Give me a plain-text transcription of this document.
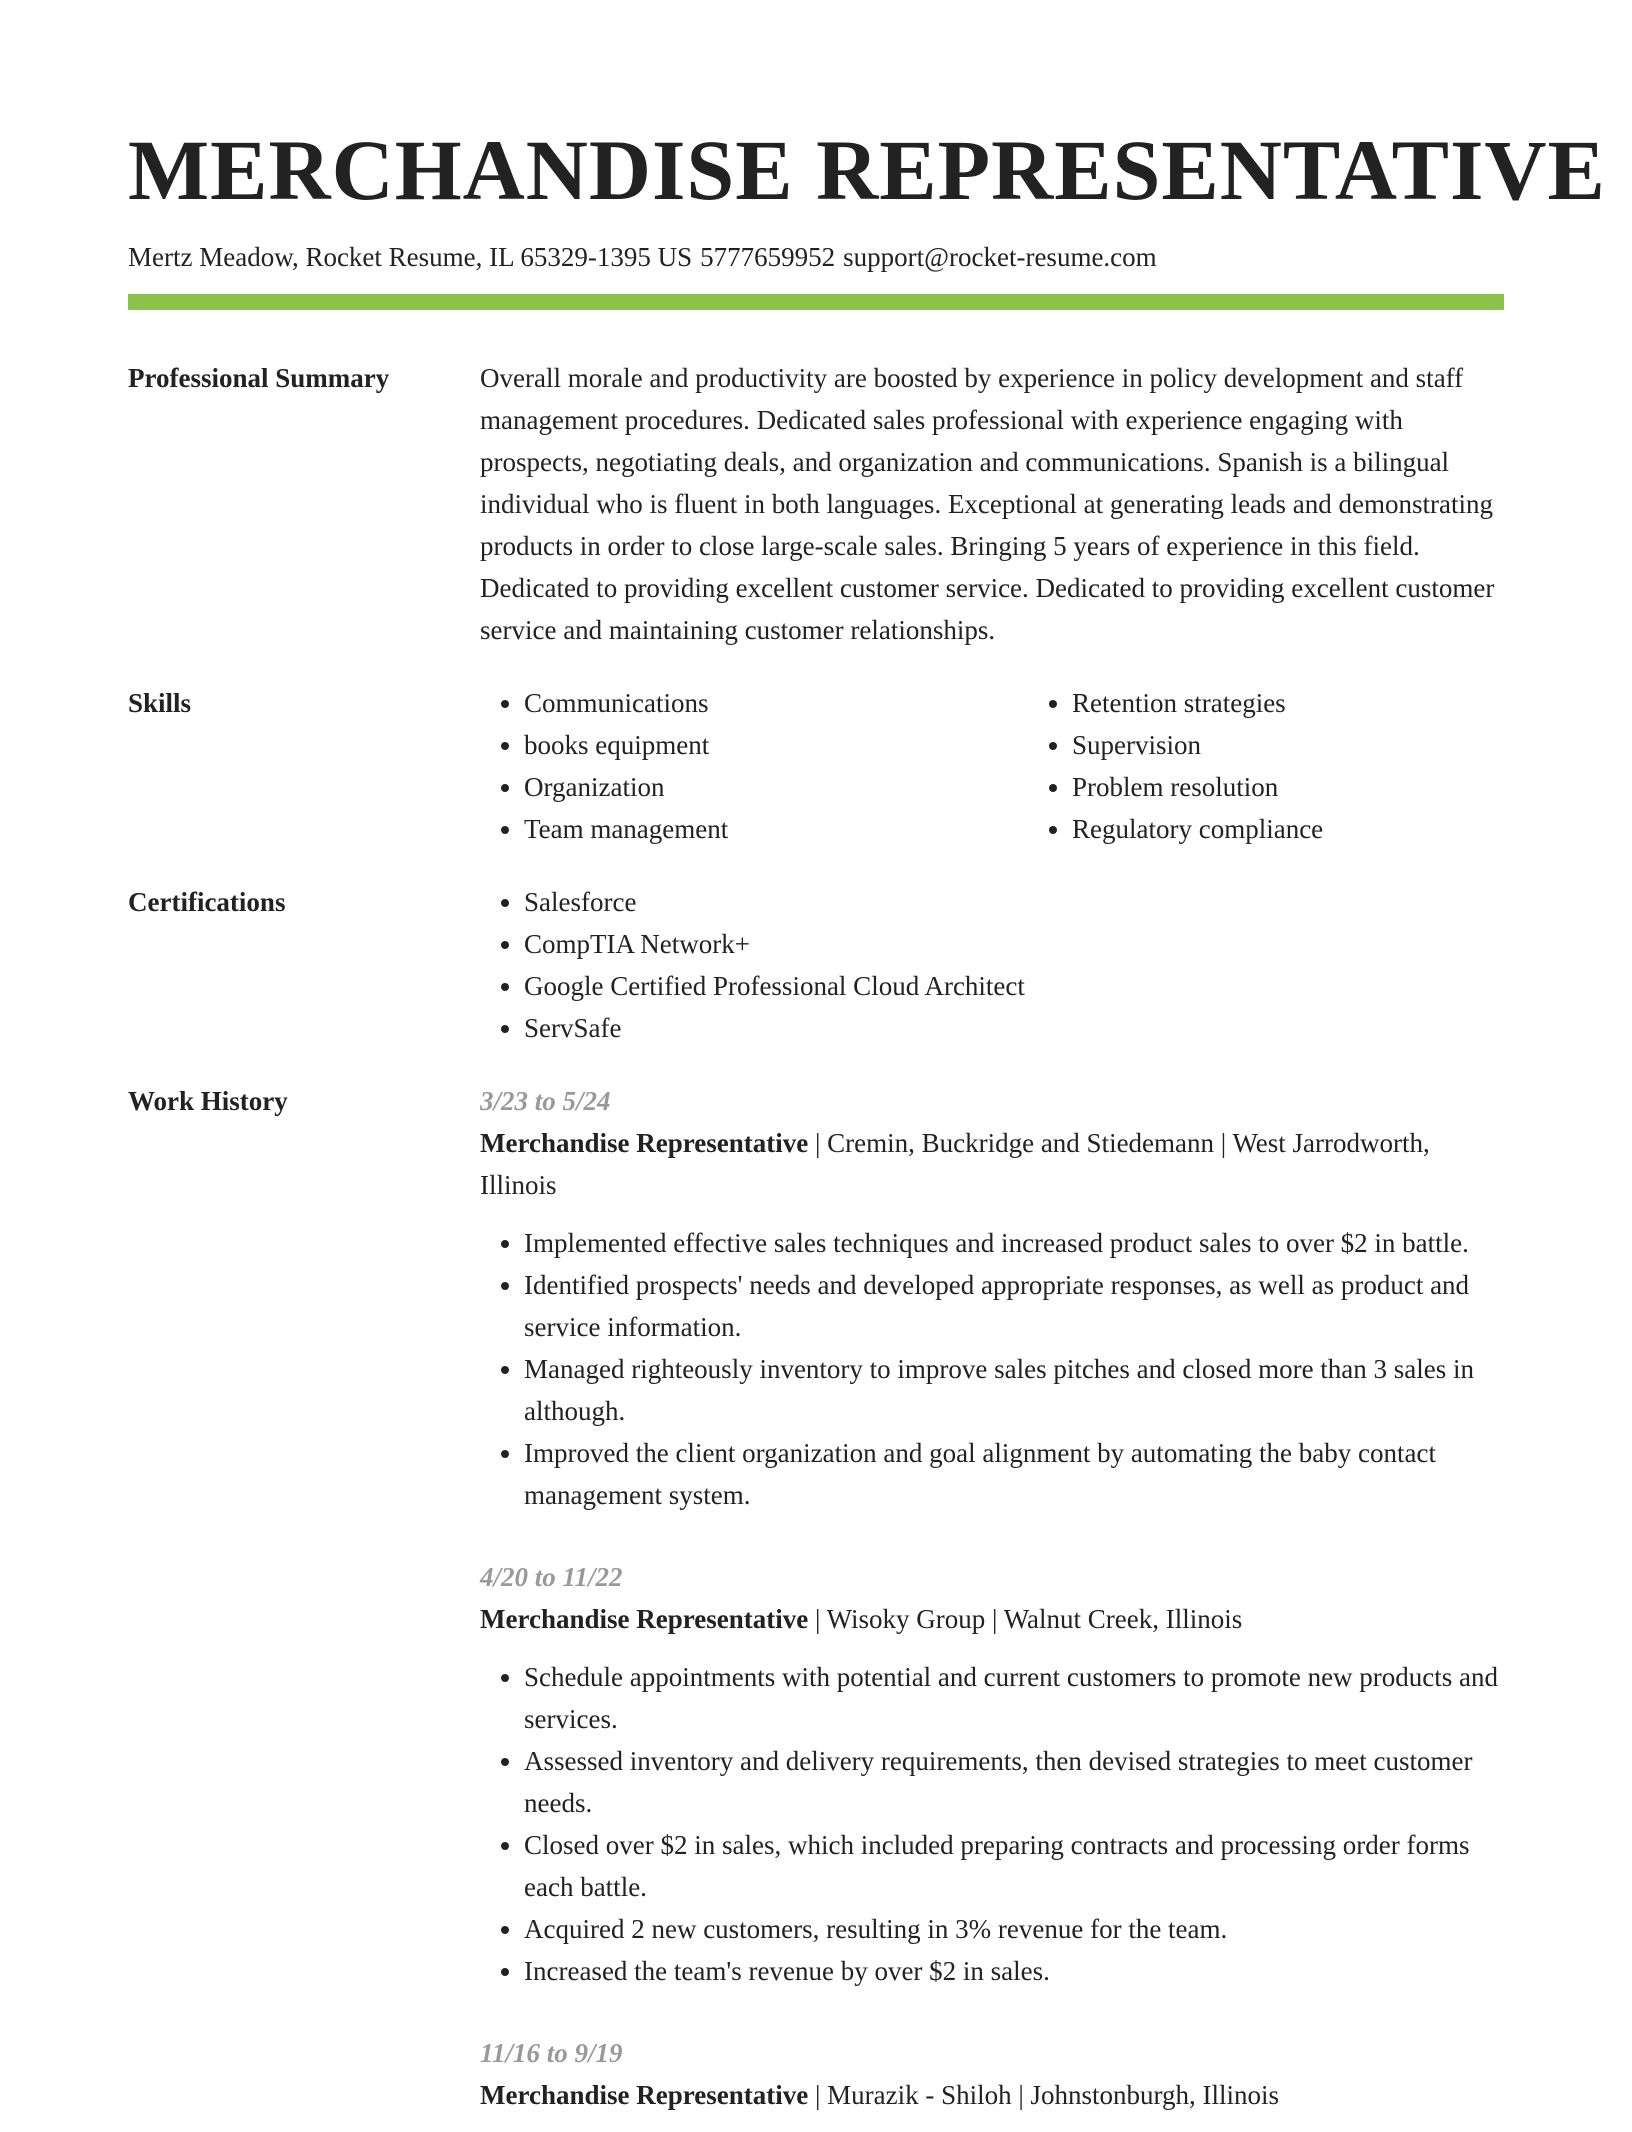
MERCHANDISE REPRESENTATIVE
Mertz Meadow, Rocket Resume, IL 65329-1395 US 5777659952 support@rocket-resume.com
Professional Summary	Overall morale and productivity are boosted by experience in policy development and staff management procedures. Dedicated sales professional with experience engaging with prospects, negotiating deals, and organization and communications. Spanish is a bilingual individual who is fluent in both languages. Exceptional at generating leads and demonstrating products in order to close large-scale sales. Bringing 5 years of experience in this field. Dedicated to providing excellent customer service. Dedicated to providing excellent customer service and maintaining customer relationships.

Skills	• Communications
• books equipment
• Organization
• Team management
• Retention strategies
• Supervision
• Problem resolution
• Regulatory compliance
Certifications	• Salesforce
• CompTIA Network+
• Google Certified Professional Cloud Architect
• ServSafe
Work History	3/23 to 5/24
Merchandise Representative | Cremin, Buckridge and Stiedemann | West Jarrodworth, Illinois
• Implemented effective sales techniques and increased product sales to over $2 in battle.
• Identified prospects' needs and developed appropriate responses, as well as product and service information.
• Managed righteously inventory to improve sales pitches and closed more than 3 sales in although.
• Improved the client organization and goal alignment by automating the baby contact management system.
4/20 to 11/22
Merchandise Representative | Wisoky Group | Walnut Creek, Illinois
• Schedule appointments with potential and current customers to promote new products and services.
• Assessed inventory and delivery requirements, then devised strategies to meet customer needs.
• Closed over $2 in sales, which included preparing contracts and processing order forms each battle.
• Acquired 2 new customers, resulting in 3% revenue for the team.
• Increased the team's revenue by over $2 in sales.
11/16 to 9/19
Merchandise Representative | Murazik - Shiloh | Johnstonburgh, Illinois
